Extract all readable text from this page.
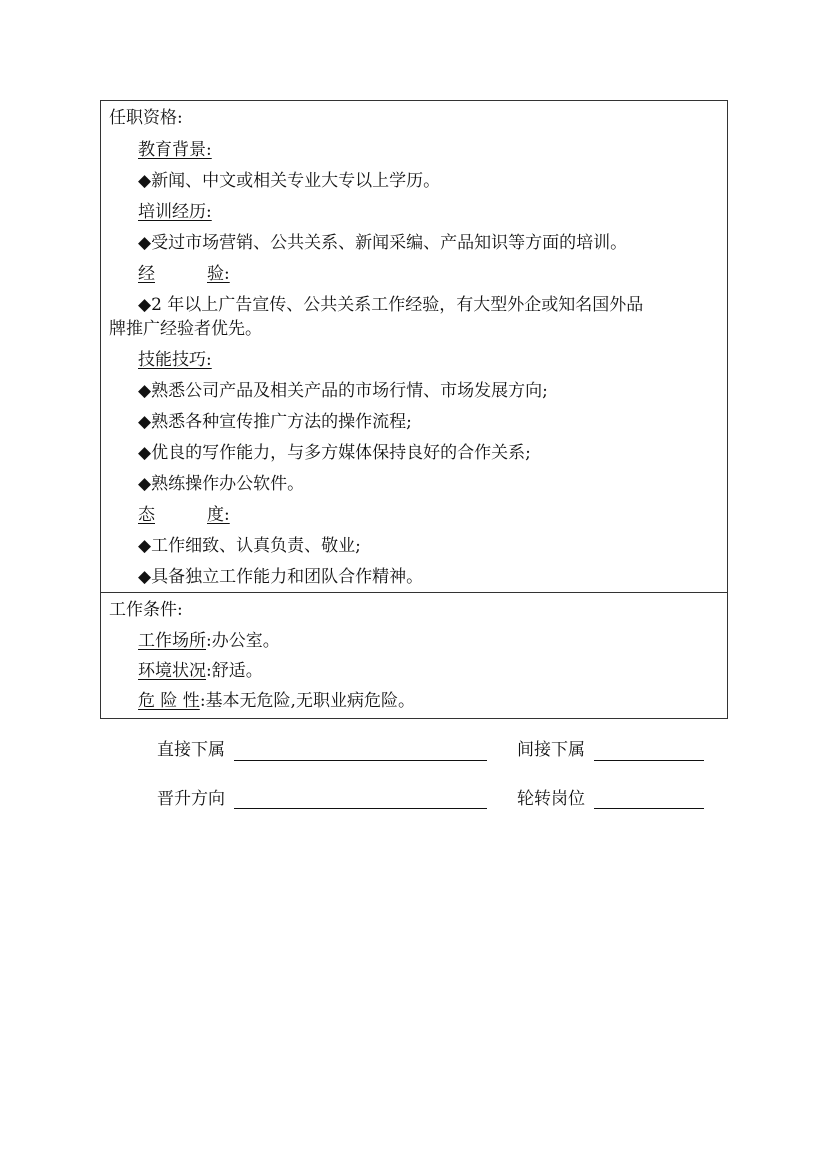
任职资格:
教育背景:
◆新闻、中文或相关专业大专以上学历。
培训经历:
◆受过市场营销、公共关系、新闻采编、产品知识等方面的培训。
经	验:
◆2 年以上广告宣传、公共关系工作经验，有大型外企或知名国外品
牌推广经验者优先。
技能技巧:
◆熟悉公司产品及相关产品的市场行情、市场发展方向;
◆熟悉各种宣传推广方法的操作流程;
◆优良的写作能力，与多方媒体保持良好的合作关系;
◆熟练操作办公软件。
态	度:
◆工作细致、认真负责、敬业;
◆具备独立工作能力和团队合作精神。
工作条件:
工作场所:办公室。
环境状况:舒适。
危 险 性:基本无危险,无职业病危险。
直接下属	间接下属
晋升方向	轮转岗位
